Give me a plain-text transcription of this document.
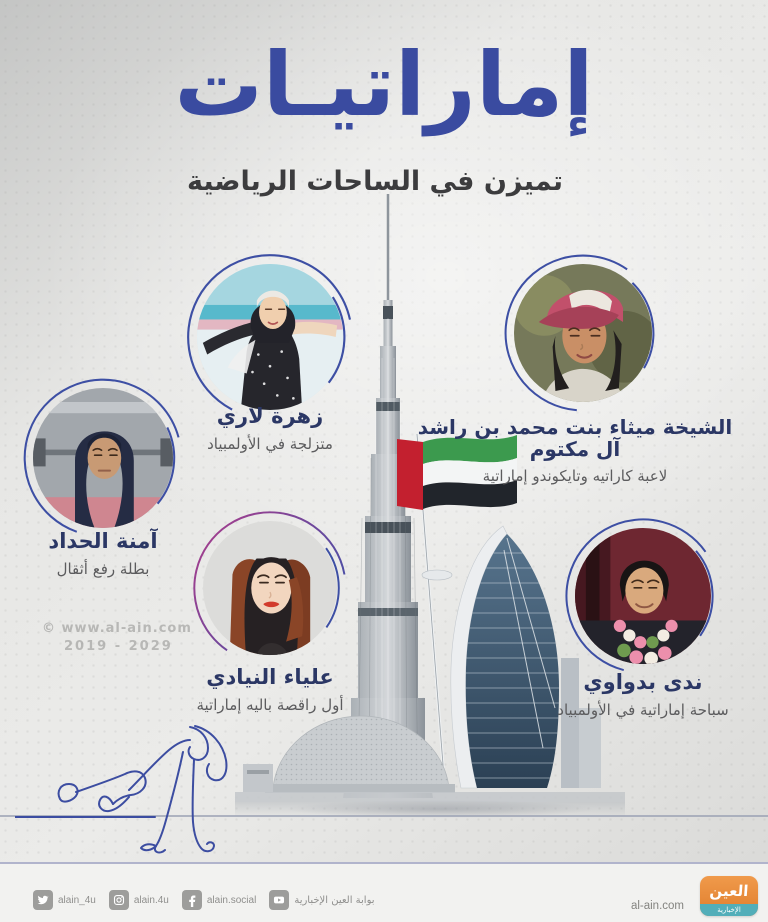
إماراتيـات
تميزن في الساحات الرياضية
زهرة لاري
متزلجة في الأولمبياد
الشيخة ميثاء بنت محمد بن راشد آل مكتوم
لاعبة كاراتيه وتايكوندو إماراتية
آمنة الحداد
بطلة رفع أثقال
علياء النيادي
أول راقصة باليه إماراتية
ندى بدواوي
سباحة إماراتية في الأولمبياد
© www.al-ain.com
2019 - 2029
alain_4u	alain.4u	alain.social	بوابة العين الإخبارية	al-ain.com
العين
الإخبارية
